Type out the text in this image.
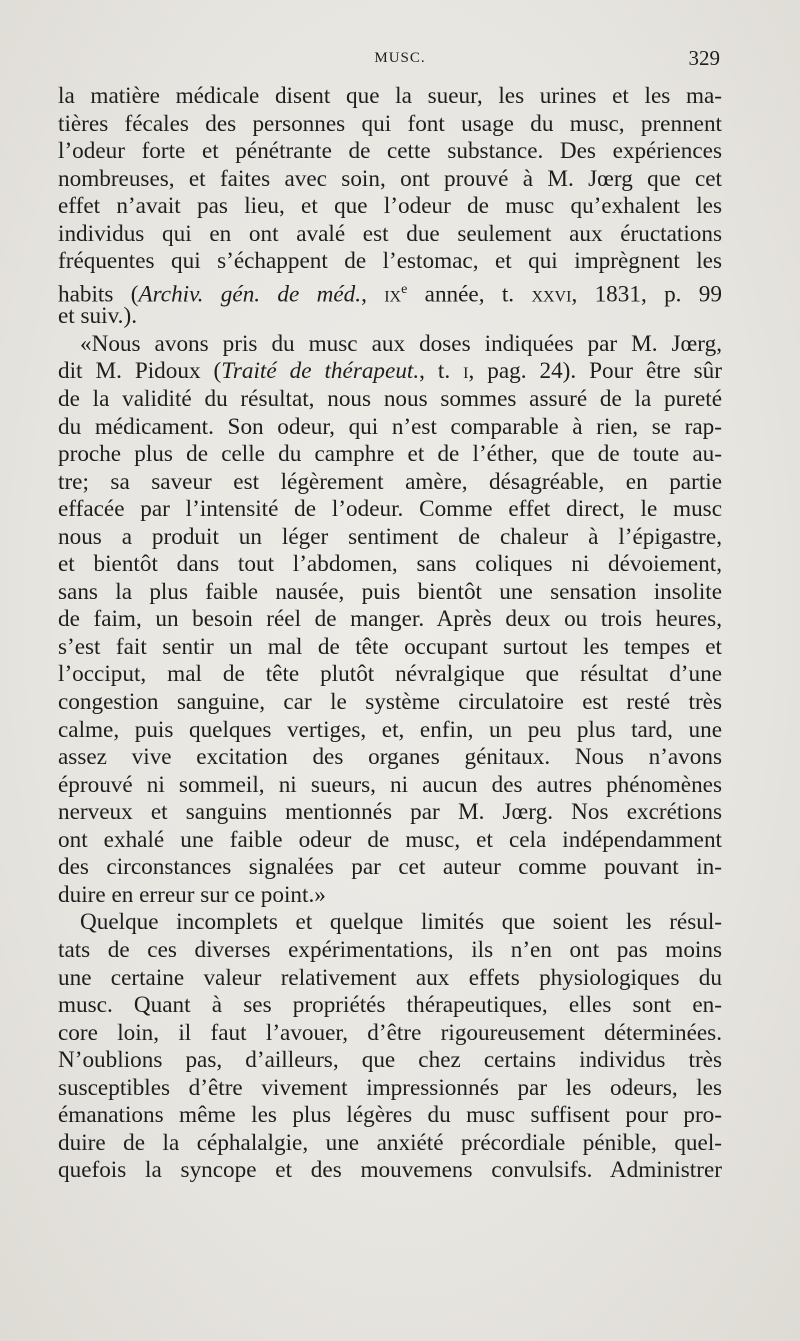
MUSC.	329
la matière médicale disent que la sueur, les urines et les ma-
tières fécales des personnes qui font usage du musc, prennent
l’odeur forte et pénétrante de cette substance. Des expériences
nombreuses, et faites avec soin, ont prouvé à M. Jœrg que cet
effet n’avait pas lieu, et que l’odeur de musc qu’exhalent les
individus qui en ont avalé est due seulement aux éructations
fréquentes qui s’échappent de l’estomac, et qui imprègnent les
habits (Archiv. gén. de méd., $ix^e$ année, t. xxvi, 1831, p. 99
et suiv.).
«Nous avons pris du musc aux doses indiquées par M. Jœrg,
dit M. Pidoux (Traité de thérapeut., t. i, pag. 24). Pour être sûr
de la validité du résultat, nous nous sommes assuré de la pureté
du médicament. Son odeur, qui n’est comparable à rien, se rap-
proche plus de celle du camphre et de l’éther, que de toute au-
tre; sa saveur est légèrement amère, désagréable, en partie
effacée par l’intensité de l’odeur. Comme effet direct, le musc
nous a produit un léger sentiment de chaleur à l’épigastre,
et bientôt dans tout l’abdomen, sans coliques ni dévoiement,
sans la plus faible nausée, puis bientôt une sensation insolite
de faim, un besoin réel de manger. Après deux ou trois heures,
s’est fait sentir un mal de tête occupant surtout les tempes et
l’occiput, mal de tête plutôt névralgique que résultat d’une
congestion sanguine, car le système circulatoire est resté très
calme, puis quelques vertiges, et, enfin, un peu plus tard, une
assez vive excitation des organes génitaux. Nous n’avons
éprouvé ni sommeil, ni sueurs, ni aucun des autres phénomènes
nerveux et sanguins mentionnés par M. Jœrg. Nos excrétions
ont exhalé une faible odeur de musc, et cela indépendamment
des circonstances signalées par cet auteur comme pouvant in-
duire en erreur sur ce point.»
Quelque incomplets et quelque limités que soient les résul-
tats de ces diverses expérimentations, ils n’en ont pas moins
une certaine valeur relativement aux effets physiologiques du
musc. Quant à ses propriétés thérapeutiques, elles sont en-
core loin, il faut l’avouer, d’être rigoureusement déterminées.
N’oublions pas, d’ailleurs, que chez certains individus très
susceptibles d’être vivement impressionnés par les odeurs, les
émanations même les plus légères du musc suffisent pour pro-
duire de la céphalalgie, une anxiété précordiale pénible, quel-
quefois la syncope et des mouvemens convulsifs. Administrer
